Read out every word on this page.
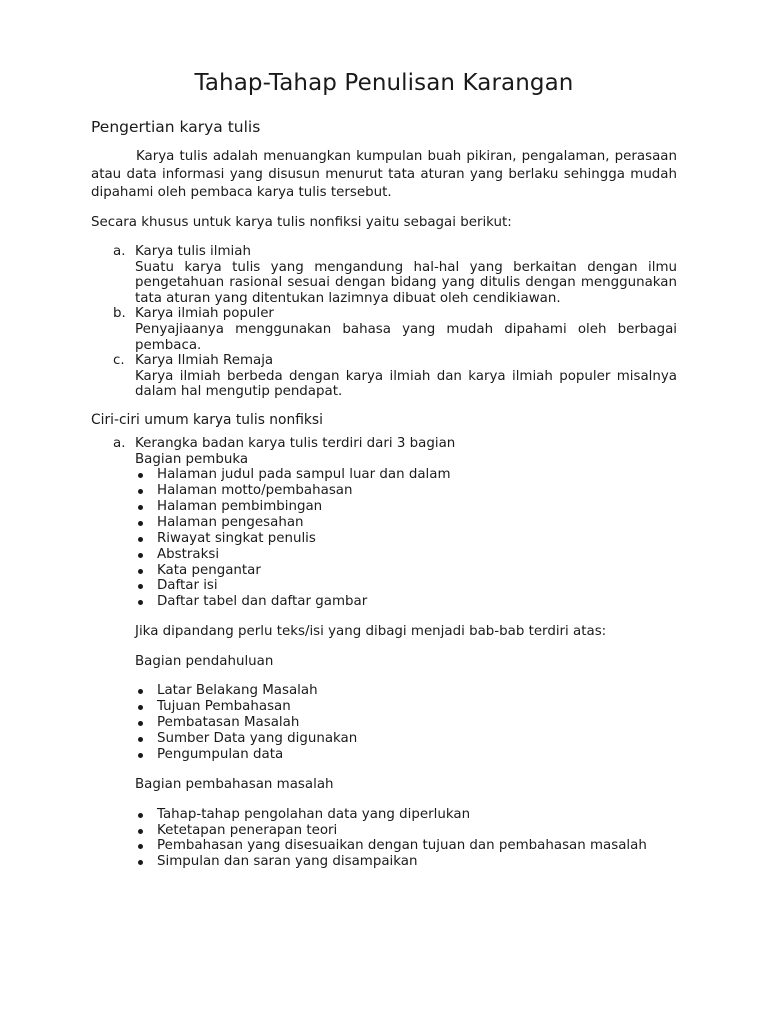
Tahap-Tahap Penulisan Karangan
Pengertian karya tulis

Karya tulis adalah menuangkan kumpulan buah pikiran, pengalaman, perasaan atau data informasi yang disusun menurut tata aturan yang berlaku sehingga mudah dipahami oleh pembaca karya tulis tersebut.

Secara khusus untuk karya tulis nonfiksi yaitu sebagai berikut:

a. Karya tulis ilmiah
Suatu karya tulis yang mengandung hal-hal yang berkaitan dengan ilmu pengetahuan rasional sesuai dengan bidang yang ditulis dengan menggunakan tata aturan yang ditentukan lazimnya dibuat oleh cendikiawan.
b. Karya ilmiah populer
Penyajiaanya menggunakan bahasa yang mudah dipahami oleh berbagai pembaca.
c. Karya Ilmiah Remaja
Karya ilmiah berbeda dengan karya ilmiah dan karya ilmiah populer misalnya dalam hal mengutip pendapat.
Ciri-ciri umum karya tulis nonfiksi
a. Kerangka badan karya tulis terdiri dari 3 bagian
Bagian pembuka
Halaman judul pada sampul luar dan dalam
Halaman motto/pembahasan
Halaman pembimbingan
Halaman pengesahan
Riwayat singkat penulis
Abstraksi
Kata pengantar
Daftar isi
Daftar tabel dan daftar gambar
Jika dipandang perlu teks/isi yang dibagi menjadi bab-bab terdiri atas:
Bagian pendahuluan
Latar Belakang Masalah
Tujuan Pembahasan
Pembatasan Masalah
Sumber Data yang digunakan
Pengumpulan data
Bagian pembahasan masalah
Tahap-tahap pengolahan data yang diperlukan
Ketetapan penerapan teori
Pembahasan yang disesuaikan dengan tujuan dan pembahasan masalah
Simpulan dan saran yang disampaikan
